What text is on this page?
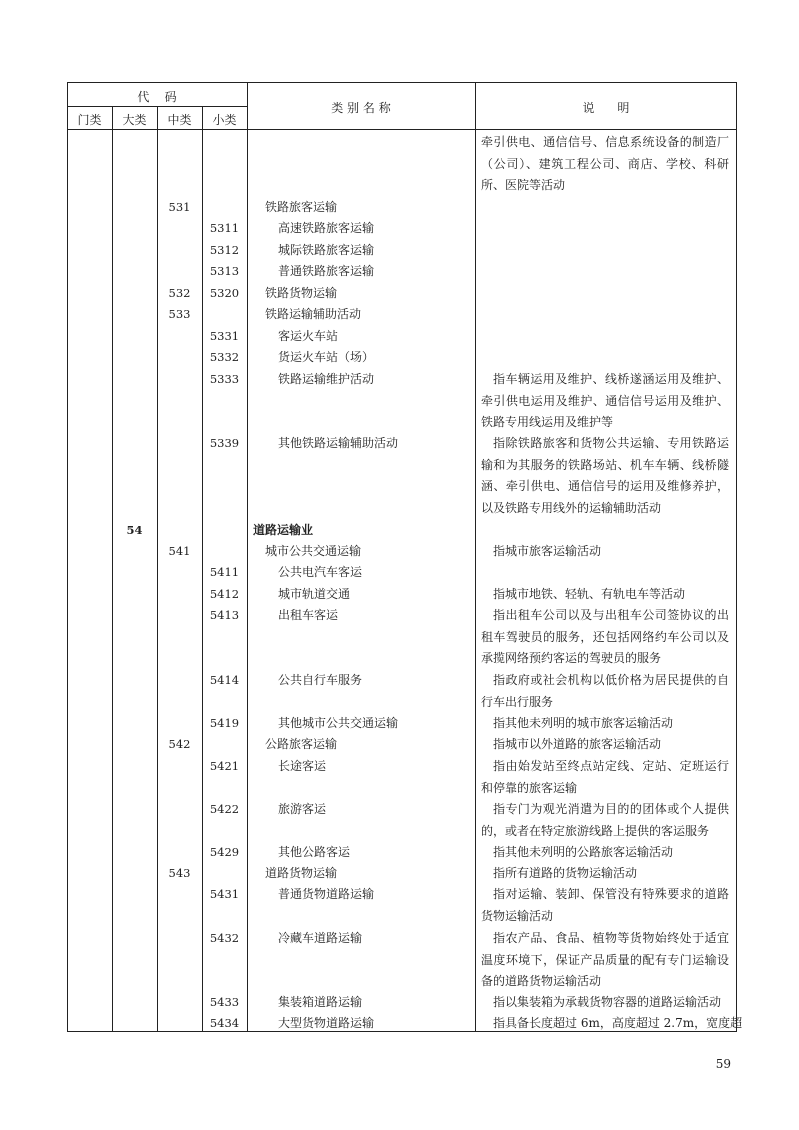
代    码
门类	大类	中类	小类
类 别 名 称	说      明
牵引供电、通信信号、信息系统设备的制造厂（公司）、建筑工程公司、商店、学校、科研所、医院等活动
531	铁路旅客运输
5311	高速铁路旅客运输
5312	城际铁路旅客运输
5313	普通铁路旅客运输
532	5320	铁路货物运输
533	铁路运输辅助活动
5331	客运火车站
5332	货运火车站（场）
5333	铁路运输维护活动	指车辆运用及维护、线桥遂涵运用及维护、牵引供电运用及维护、通信信号运用及维护、铁路专用线运用及维护等
5339	其他铁路运输辅助活动	指除铁路旅客和货物公共运输、专用铁路运输和为其服务的铁路场站、机车车辆、线桥隧涵、牵引供电、通信信号的运用及维修养护，以及铁路专用线外的运输辅助活动
54	道路运输业
541	城市公共交通运输	指城市旅客运输活动
5411	公共电汽车客运
5412	城市轨道交通	指城市地铁、轻轨、有轨电车等活动
5413	出租车客运	指出租车公司以及与出租车公司签协议的出租车驾驶员的服务，还包括网络约车公司以及承揽网络预约客运的驾驶员的服务
5414	公共自行车服务	指政府或社会机构以低价格为居民提供的自行车出行服务
5419	其他城市公共交通运输	指其他未列明的城市旅客运输活动
542	公路旅客运输	指城市以外道路的旅客运输活动
5421	长途客运	指由始发站至终点站定线、定站、定班运行和停靠的旅客运输
5422	旅游客运	指专门为观光消遣为目的的团体或个人提供的，或者在特定旅游线路上提供的客运服务
5429	其他公路客运	指其他未列明的公路旅客运输活动
543	道路货物运输	指所有道路的货物运输活动
5431	普通货物道路运输	指对运输、装卸、保管没有特殊要求的道路货物运输活动
5432	冷藏车道路运输	指农产品、食品、植物等货物始终处于适宜温度环境下，保证产品质量的配有专门运输设备的道路货物运输活动
5433	集装箱道路运输	指以集装箱为承载货物容器的道路运输活动
5434	大型货物道路运输	指具备长度超过 6m，高度超过 2.7m，宽度超
59
